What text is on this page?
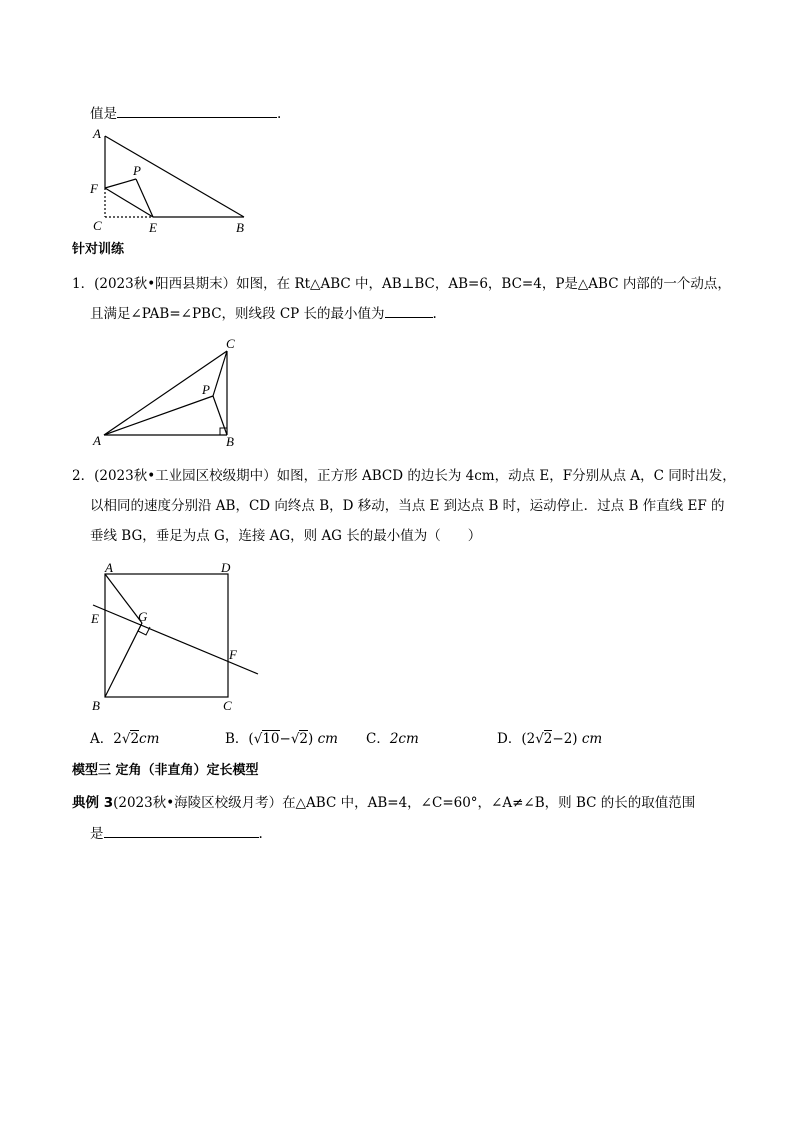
值是	.
A
P
F
C	E	B
针对训练
1．(2023秋•阳西县期末）如图，在 Rt△ABC 中，AB⊥BC，AB=6，BC=4，P是△ABC 内部的一个动点，
且满足∠PAB=∠PBC，则线段 CP 长的最小值为	.
C
P
A	B
2．(2023秋•工业园区校级期中）如图，正方形 ABCD 的边长为 4cm，动点 E，F分别从点 A，C 同时出发，
以相同的速度分别沿 AB，CD 向终点 B，D 移动，当点 E 到达点 B 时，运动停止．过点 B 作直线 EF 的
垂线 BG，垂足为点 G，连接 AG，则 AG 长的最小值为（　　）
A	D
E	G
F
B	C
A．2√2cm	B．(√10−√2) cm C．2cm	D．(2√2−2) cm
模型三 定角（非直角）定长模型
典例 3(2023秋•海陵区校级月考）在△ABC 中，AB=4，∠C=60°，∠A≠∠B，则 BC 的长的取值范围
是	.
